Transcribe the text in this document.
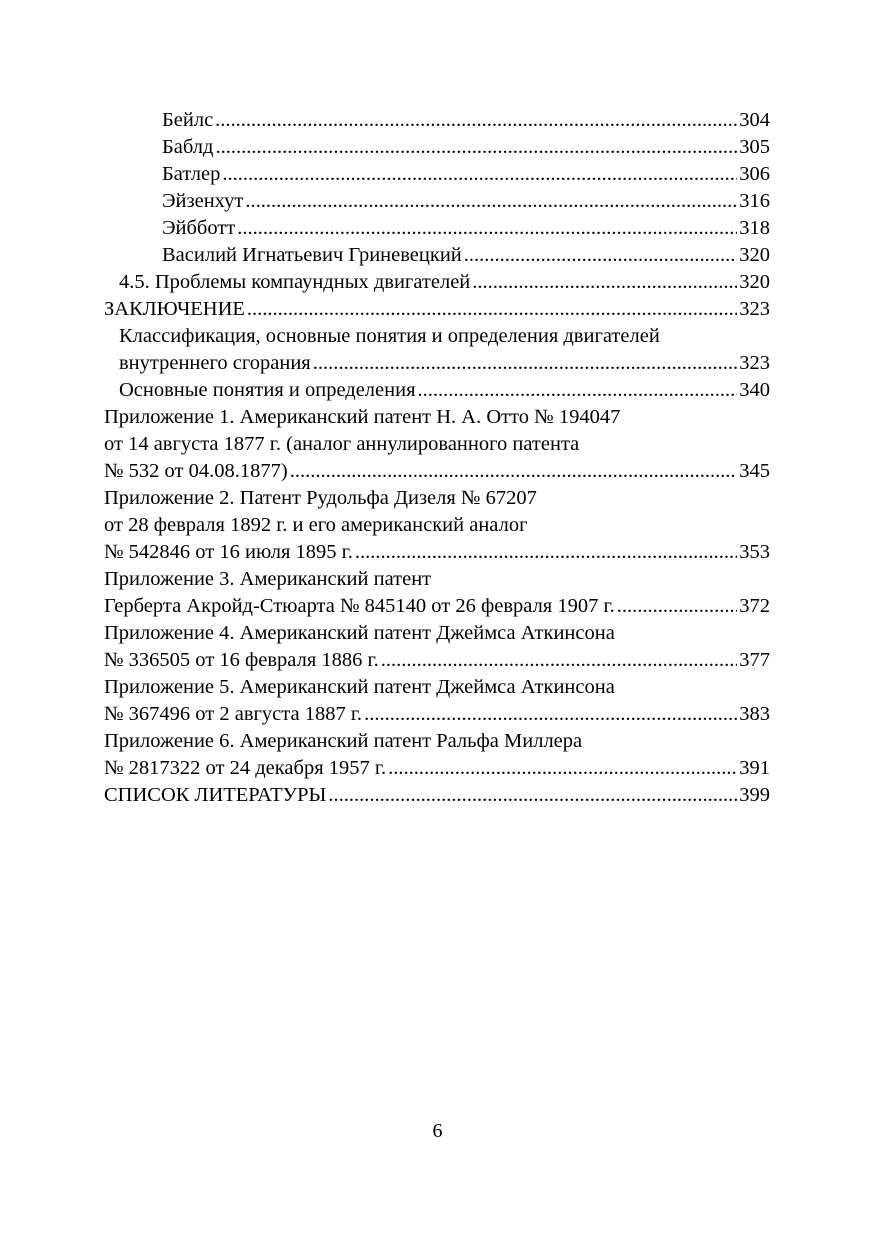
Бейлс .....	304
Баблд .....	305
Батлер .....	306
Эйзенхут .....	316
Эйбботт .....	318
Василий Игнатьевич Гриневецкий .....	320
4.5. Проблемы компаундных двигателей .....	320
ЗАКЛЮЧЕНИЕ .....	323
Классификация, основные понятия и определения двигателей
внутреннего сгорания .....	323
Основные понятия и определения .....	340
Приложение 1. Американский патент Н. А. Отто № 194047
от 14 августа 1877 г. (аналог аннулированного патента
№ 532 от 04.08.1877) .....	345
Приложение 2. Патент Рудольфа Дизеля № 67207
от 28 февраля 1892 г. и его американский аналог
№ 542846 от 16 июля 1895 г. .....	353
Приложение 3. Американский патент
Герберта Акройд-Стюарта № 845140 от 26 февраля 1907 г. .....	372
Приложение 4. Американский патент Джеймса Аткинсона
№ 336505 от 16 февраля 1886 г. .....	377
Приложение 5. Американский патент Джеймса Аткинсона
№ 367496 от 2 августа 1887 г. .....	383
Приложение 6. Американский патент Ральфа Миллера
№ 2817322 от 24 декабря 1957 г. .....	391
СПИСОК ЛИТЕРАТУРЫ .....	399
6
